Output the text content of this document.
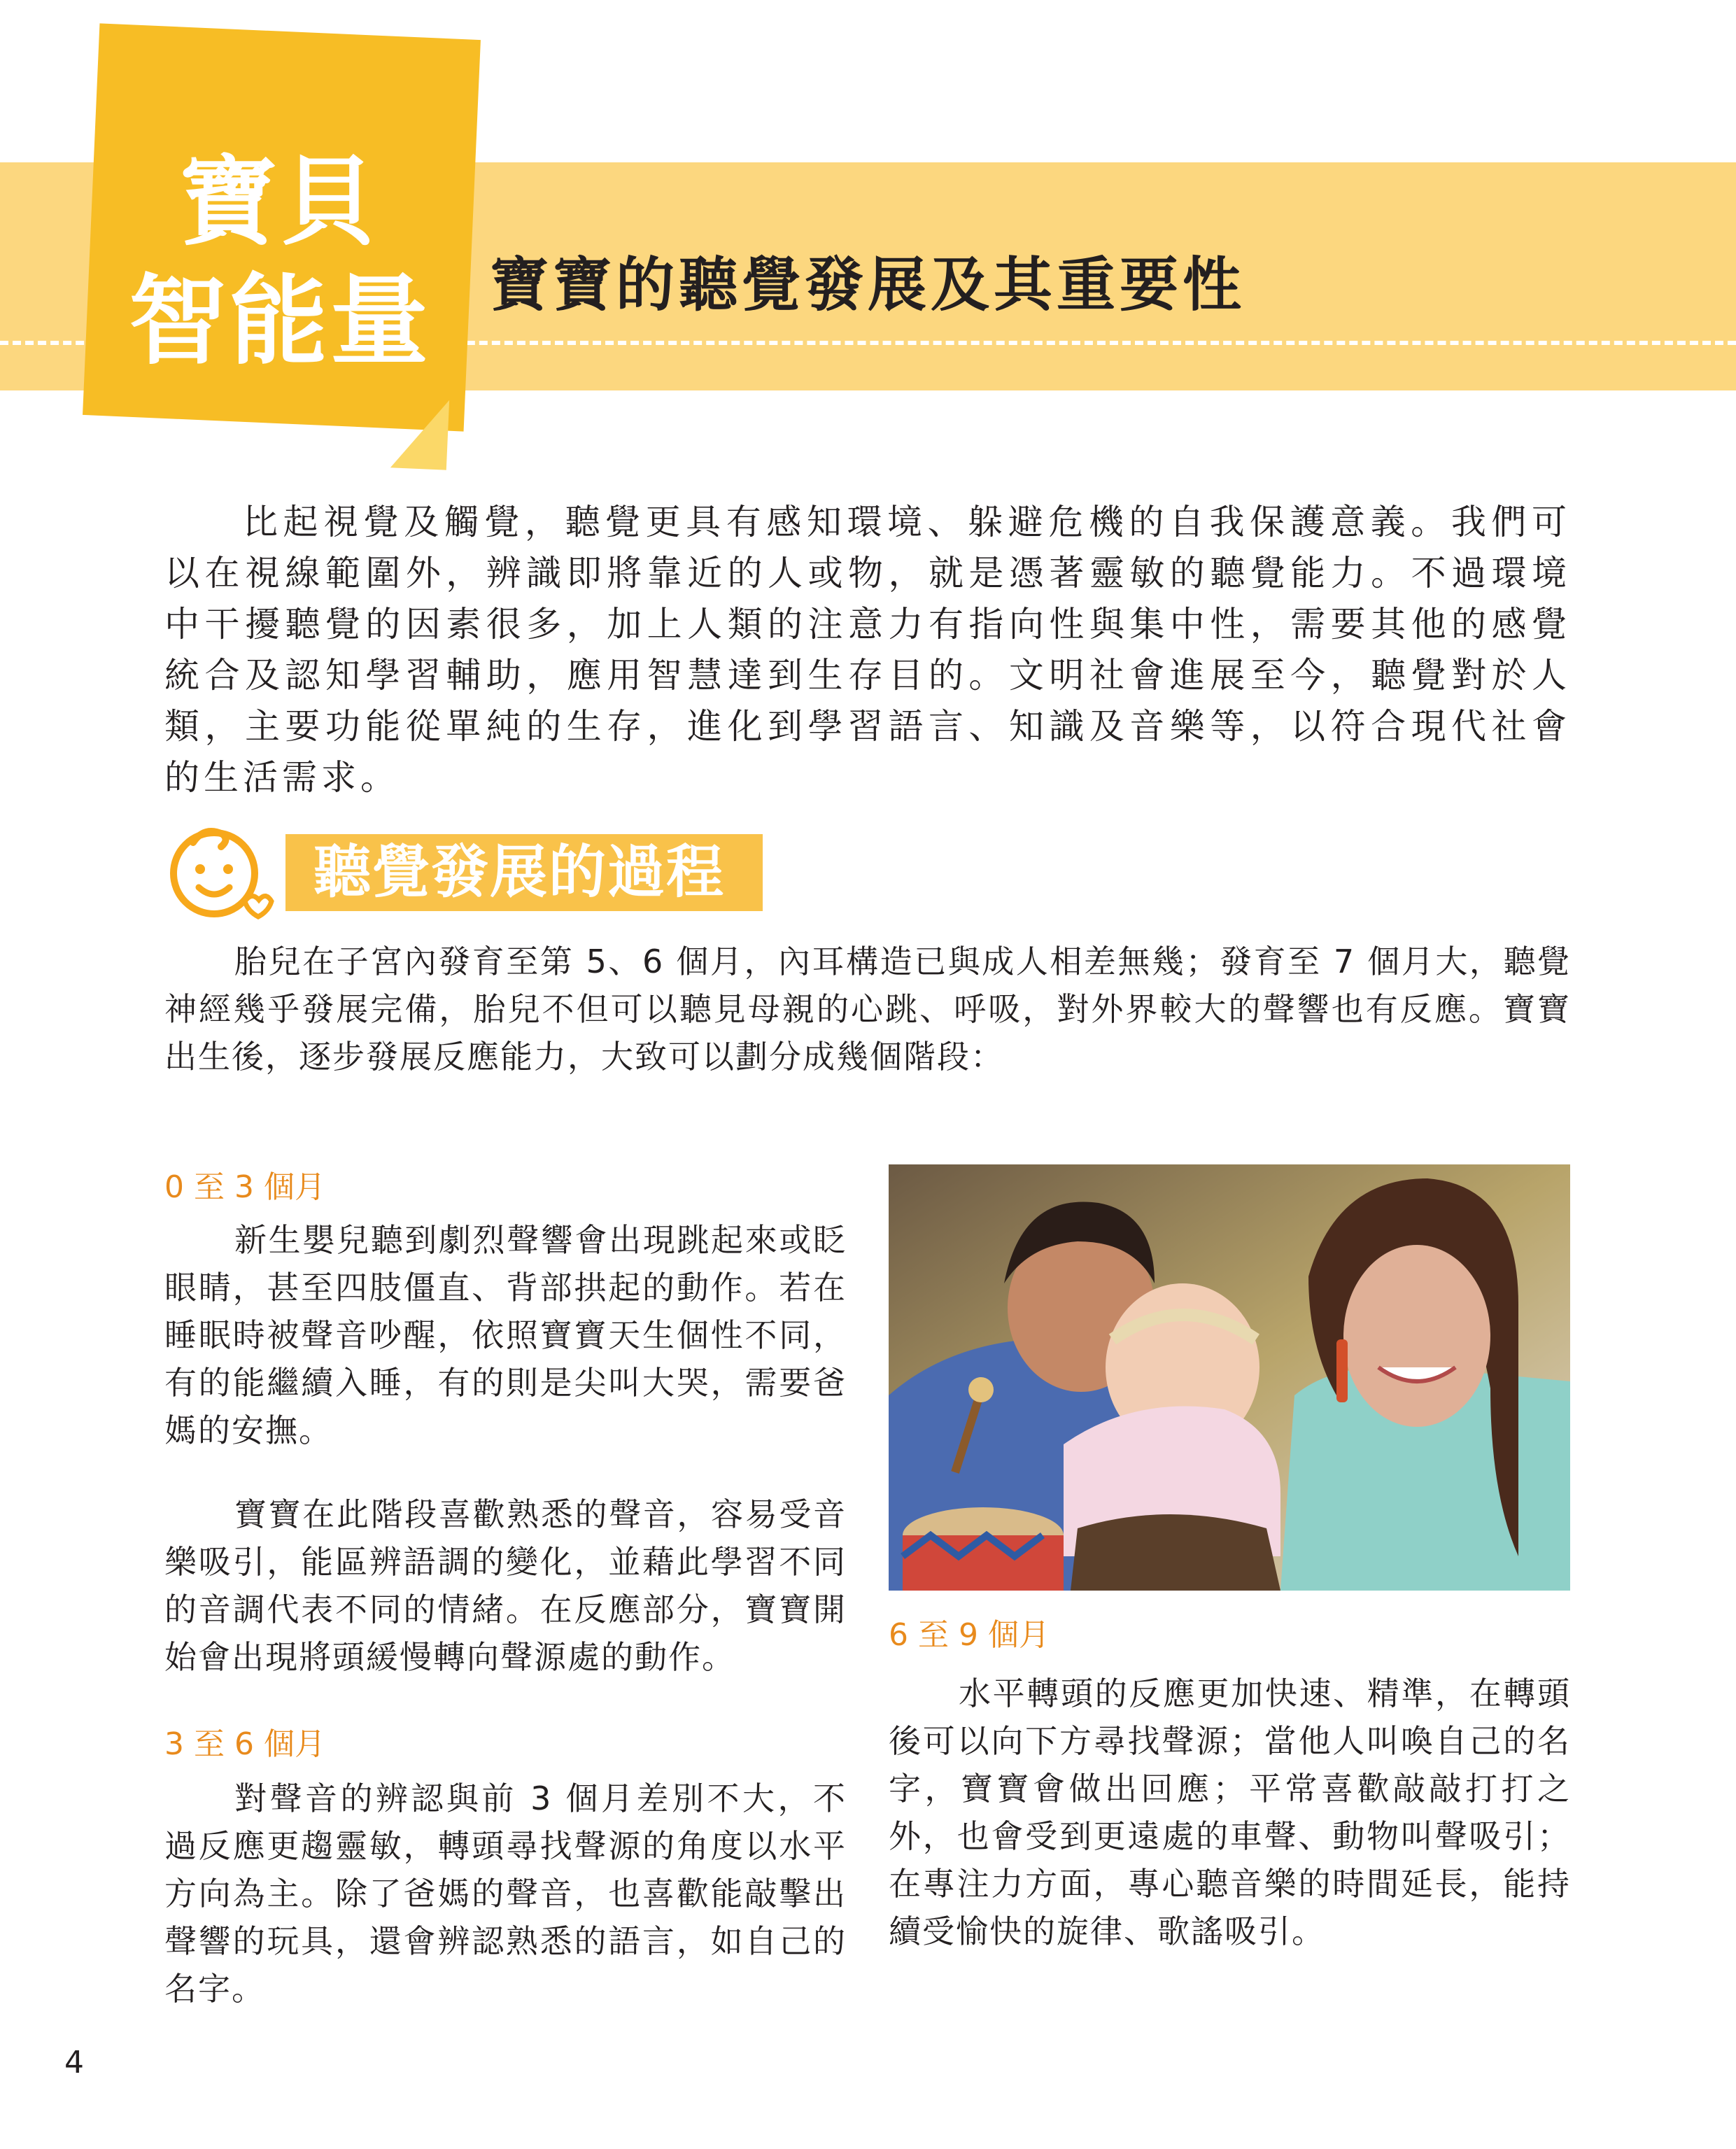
寶貝
智能量	寶寶的聽覺發展及其重要性
比起視覺及觸覺，聽覺更具有感知環境、躲避危機的自我保護意義。我們可以在視線範圍外，辨識即將靠近的人或物，就是憑著靈敏的聽覺能力。不過環境中干擾聽覺的因素很多，加上人類的注意力有指向性與集中性，需要其他的感覺統合及認知學習輔助，應用智慧達到生存目的。文明社會進展至今，聽覺對於人類，主要功能從單純的生存，進化到學習語言、知識及音樂等，以符合現代社會的生活需求。
聽覺發展的過程
胎兒在子宮內發育至第 5、6 個月，內耳構造已與成人相差無幾；發育至 7 個月大，聽覺神經幾乎發展完備，胎兒不但可以聽見母親的心跳、呼吸，對外界較大的聲響也有反應。寶寶出生後，逐步發展反應能力，大致可以劃分成幾個階段：
0 至 3 個月
新生嬰兒聽到劇烈聲響會出現跳起來或眨眼睛，甚至四肢僵直、背部拱起的動作。若在睡眠時被聲音吵醒，依照寶寶天生個性不同，有的能繼續入睡，有的則是尖叫大哭，需要爸媽的安撫。
寶寶在此階段喜歡熟悉的聲音，容易受音樂吸引，能區辨語調的變化，並藉此學習不同的音調代表不同的情緒。在反應部分，寶寶開始會出現將頭緩慢轉向聲源處的動作。
3 至 6 個月
對聲音的辨認與前 3 個月差別不大，不過反應更趨靈敏，轉頭尋找聲源的角度以水平方向為主。除了爸媽的聲音，也喜歡能敲擊出聲響的玩具，還會辨認熟悉的語言，如自己的名字。
6 至 9 個月
水平轉頭的反應更加快速、精準，在轉頭後可以向下方尋找聲源；當他人叫喚自己的名字，寶寶會做出回應；平常喜歡敲敲打打之外，也會受到更遠處的車聲、動物叫聲吸引；在專注力方面，專心聽音樂的時間延長，能持續受愉快的旋律、歌謠吸引。
4
